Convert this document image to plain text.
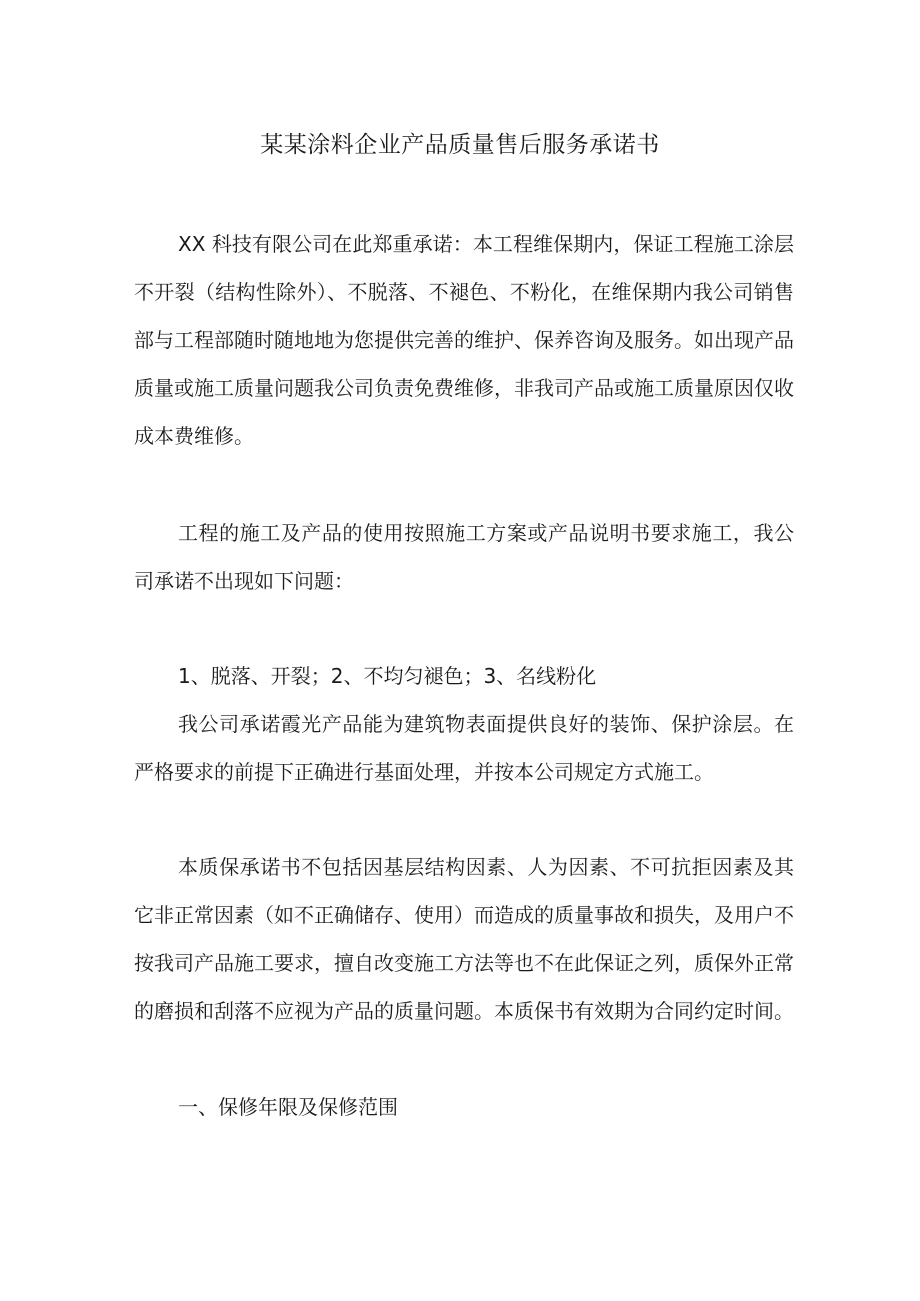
某某涂料企业产品质量售后服务承诺书

XX 科技有限公司在此郑重承诺：本工程维保期内，保证工程施工涂层不开裂（结构性除外）、不脱落、不褪色、不粉化，在维保期内我公司销售部与工程部随时随地地为您提供完善的维护、保养咨询及服务。如出现产品质量或施工质量问题我公司负责免费维修，非我司产品或施工质量原因仅收成本费维修。

工程的施工及产品的使用按照施工方案或产品说明书要求施工，我公司承诺不出现如下问题：

1、脱落、开裂；2、不均匀褪色；3、名线粉化

我公司承诺霞光产品能为建筑物表面提供良好的装饰、保护涂层。在严格要求的前提下正确进行基面处理，并按本公司规定方式施工。

本质保承诺书不包括因基层结构因素、人为因素、不可抗拒因素及其它非正常因素（如不正确储存、使用）而造成的质量事故和损失，及用户不按我司产品施工要求，擅自改变施工方法等也不在此保证之列，质保外正常的磨损和刮落不应视为产品的质量问题。本质保书有效期为合同约定时间。

一、保修年限及保修范围
